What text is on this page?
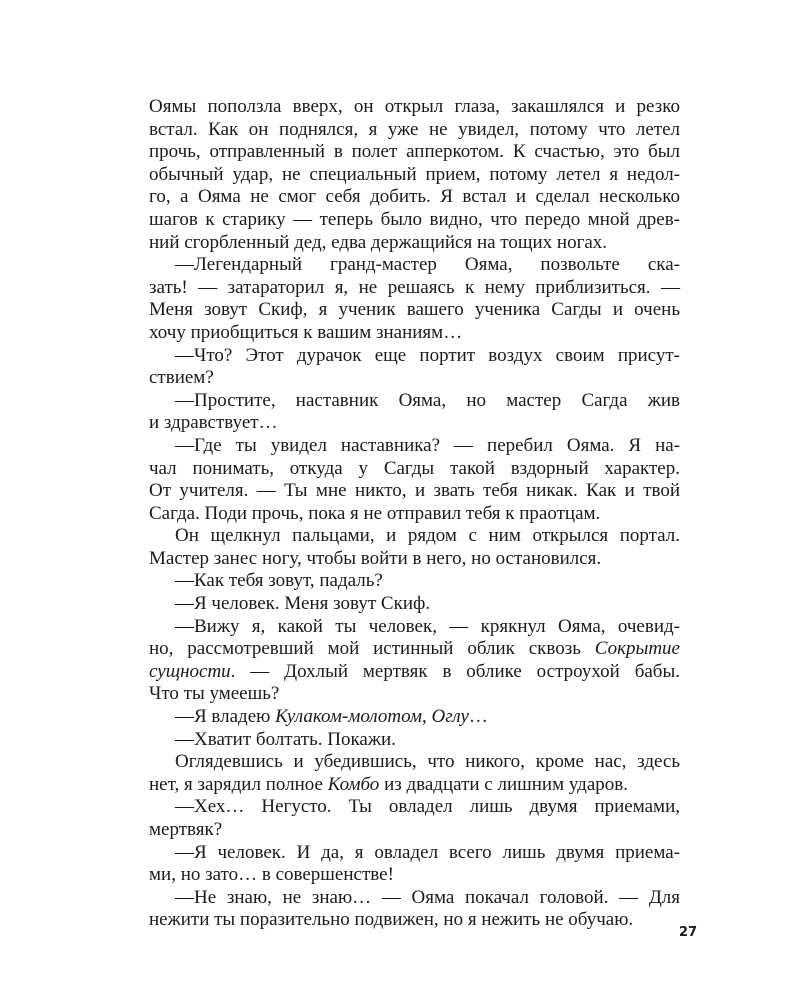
Оямы поползла вверх, он открыл глаза, закашлялся и резко
встал. Как он поднялся, я уже не увидел, потому что летел
прочь, отправленный в полет апперкотом. К счастью, это был
обычный удар, не специальный прием, потому летел я недол-
го, а Ояма не смог себя добить. Я встал и сделал несколько
шагов к старику — теперь было видно, что передо мной древ-
ний сгорбленный дед, едва держащийся на тощих ногах.
—Легендарный гранд-мастер Ояма, позвольте ска-
зать! — затараторил я, не решаясь к нему приблизиться. —
Меня зовут Скиф, я ученик вашего ученика Сагды и очень
хочу приобщиться к вашим знаниям…
—Что? Этот дурачок еще портит воздух своим присут-
ствием?
—Простите, наставник Ояма, но мастер Сагда жив
и здравствует…
—Где ты увидел наставника? — перебил Ояма. Я на-
чал понимать, откуда у Сагды такой вздорный характер.
От учителя. — Ты мне никто, и звать тебя никак. Как и твой
Сагда. Поди прочь, пока я не отправил тебя к праотцам.
Он щелкнул пальцами, и рядом с ним открылся портал.
Мастер занес ногу, чтобы войти в него, но остановился.
—Как тебя зовут, падаль?
—Я человек. Меня зовут Скиф.
—Вижу я, какой ты человек, — крякнул Ояма, очевид-
но, рассмотревший мой истинный облик сквозь Сокрытие
сущности. — Дохлый мертвяк в облике остроухой бабы.
Что ты умеешь?
—Я владею Кулаком-молотом, Оглу…
—Хватит болтать. Покажи.
Оглядевшись и убедившись, что никого, кроме нас, здесь
нет, я зарядил полное Комбо из двадцати с лишним ударов.
—Хех… Негусто. Ты овладел лишь двумя приемами,
мертвяк?
—Я человек. И да, я овладел всего лишь двумя приема-
ми, но зато… в совершенстве!
—Не знаю, не знаю… — Ояма покачал головой. — Для
нежити ты поразительно подвижен, но я нежить не обучаю.
27
